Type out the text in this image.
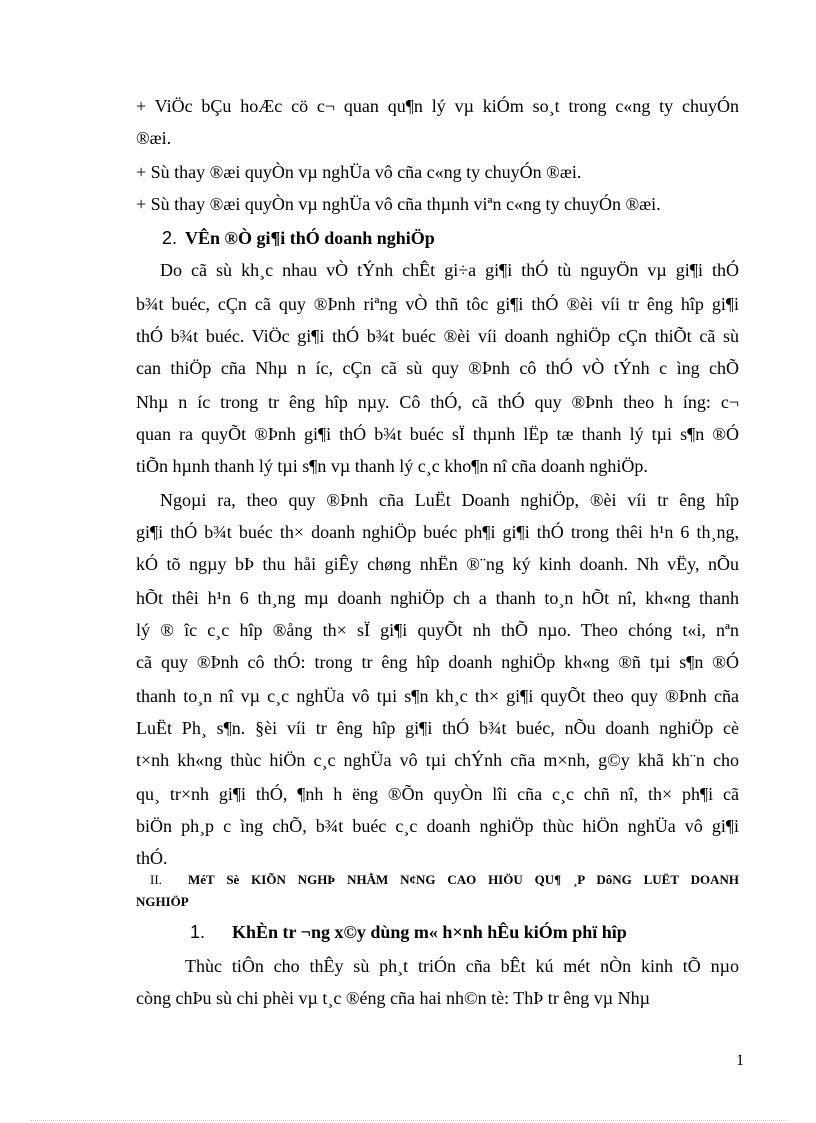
+ ViÖc bÇu hoÆc cö c¬ quan qu¶n lý vµ kiÓm so¸t trong c«ng ty chuyÓn
®æi.
+ Sù thay ®æi quyÒn vµ nghÜa vô cña c«ng ty chuyÓn ®æi.
+ Sù thay ®æi quyÒn vµ nghÜa vô cña thµnh viªn c«ng ty chuyÓn ®æi.
2. VÊn ®Ò gi¶i thÓ doanh nghiÖp
Do cã sù kh¸c nhau vÒ tÝnh chÊt gi÷a gi¶i thÓ tù nguyÖn vµ gi¶i thÓ
b¾t buéc, cÇn cã quy ®Þnh riªng vÒ thñ tôc gi¶i thÓ ®èi víi tr êng hîp gi¶i
thÓ b¾t buéc. ViÖc gi¶i thÓ b¾t buéc ®èi víi doanh nghiÖp cÇn thiÕt cã sù
can thiÖp cña Nhµ n íc, cÇn cã sù quy ®Þnh cô thÓ vÒ tÝnh c ìng chÕ
Nhµ n íc trong tr êng hîp nµy. Cô thÓ, cã thÓ quy ®Þnh theo h íng: c¬
quan ra quyÕt ®Þnh gi¶i thÓ b¾t buéc sÏ thµnh lËp tæ thanh lý tµi s¶n ®Ó
tiÕn hµnh thanh lý tµi s¶n vµ thanh lý c¸c kho¶n nî cña doanh nghiÖp.
Ngoµi ra, theo quy ®Þnh cña LuËt Doanh nghiÖp, ®èi víi tr êng hîp
gi¶i thÓ b¾t buéc th× doanh nghiÖp buéc ph¶i gi¶i thÓ trong thêi h¹n 6 th¸ng,
kÓ tõ ngµy bÞ thu håi giÊy chøng nhËn ®¨ng ký kinh doanh. Nh vËy, nÕu
hÕt thêi h¹n 6 th¸ng mµ doanh nghiÖp ch a thanh to¸n hÕt nî, kh«ng thanh
lý ® îc c¸c hîp ®ång th× sÏ gi¶i quyÕt nh thÕ nµo. Theo chóng t«i, nªn
cã quy ®Þnh cô thÓ: trong tr êng hîp doanh nghiÖp kh«ng ®ñ tµi s¶n ®Ó
thanh to¸n nî vµ c¸c nghÜa vô tµi s¶n kh¸c th× gi¶i quyÕt theo quy ®Þnh cña
LuËt Ph¸ s¶n. §èi víi tr êng hîp gi¶i thÓ b¾t buéc, nÕu doanh nghiÖp cè
t×nh kh«ng thùc hiÖn c¸c nghÜa vô tµi chÝnh cña m×nh, g©y khã kh¨n cho
qu¸ tr×nh gi¶i thÓ, ¶nh h ëng ®Õn quyÒn lîi cña c¸c chñ nî, th× ph¶i cã
biÖn ph¸p c ìng chÕ, b¾t buéc c¸c doanh nghiÖp thùc hiÖn nghÜa vô gi¶i
thÓ.
II. MéT Sè KIÕN NGHÞ NHẰM N¢NG CAO HIÖU QU¶ ¸P DôNG LUËT DOANH
NGHIÖP
1. KhÈn tr ¬ng x©y dùng m« h×nh hÊu kiÓm phï hîp
Thùc tiÔn cho thÊy sù ph¸t triÓn cña bÊt kú mét nÒn kinh tÕ nµo
còng chÞu sù chi phèi vµ t¸c ®éng cña hai nh©n tè: ThÞ tr êng vµ Nhµ
1
